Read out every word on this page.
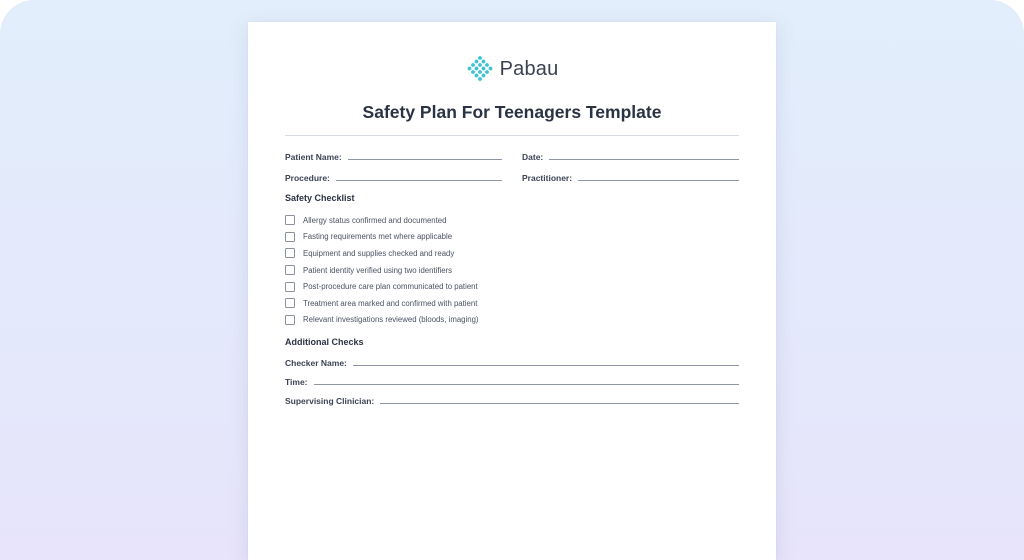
Pabau
Safety Plan For Teenagers Template
Patient Name:	Date:
Procedure:	Practitioner:
Safety Checklist
Allergy status confirmed and documented
Fasting requirements met where applicable
Equipment and supplies checked and ready
Patient identity verified using two identifiers
Post-procedure care plan communicated to patient
Treatment area marked and confirmed with patient
Relevant investigations reviewed (bloods, imaging)
Additional Checks
Checker Name:
Time:
Supervising Clinician:
